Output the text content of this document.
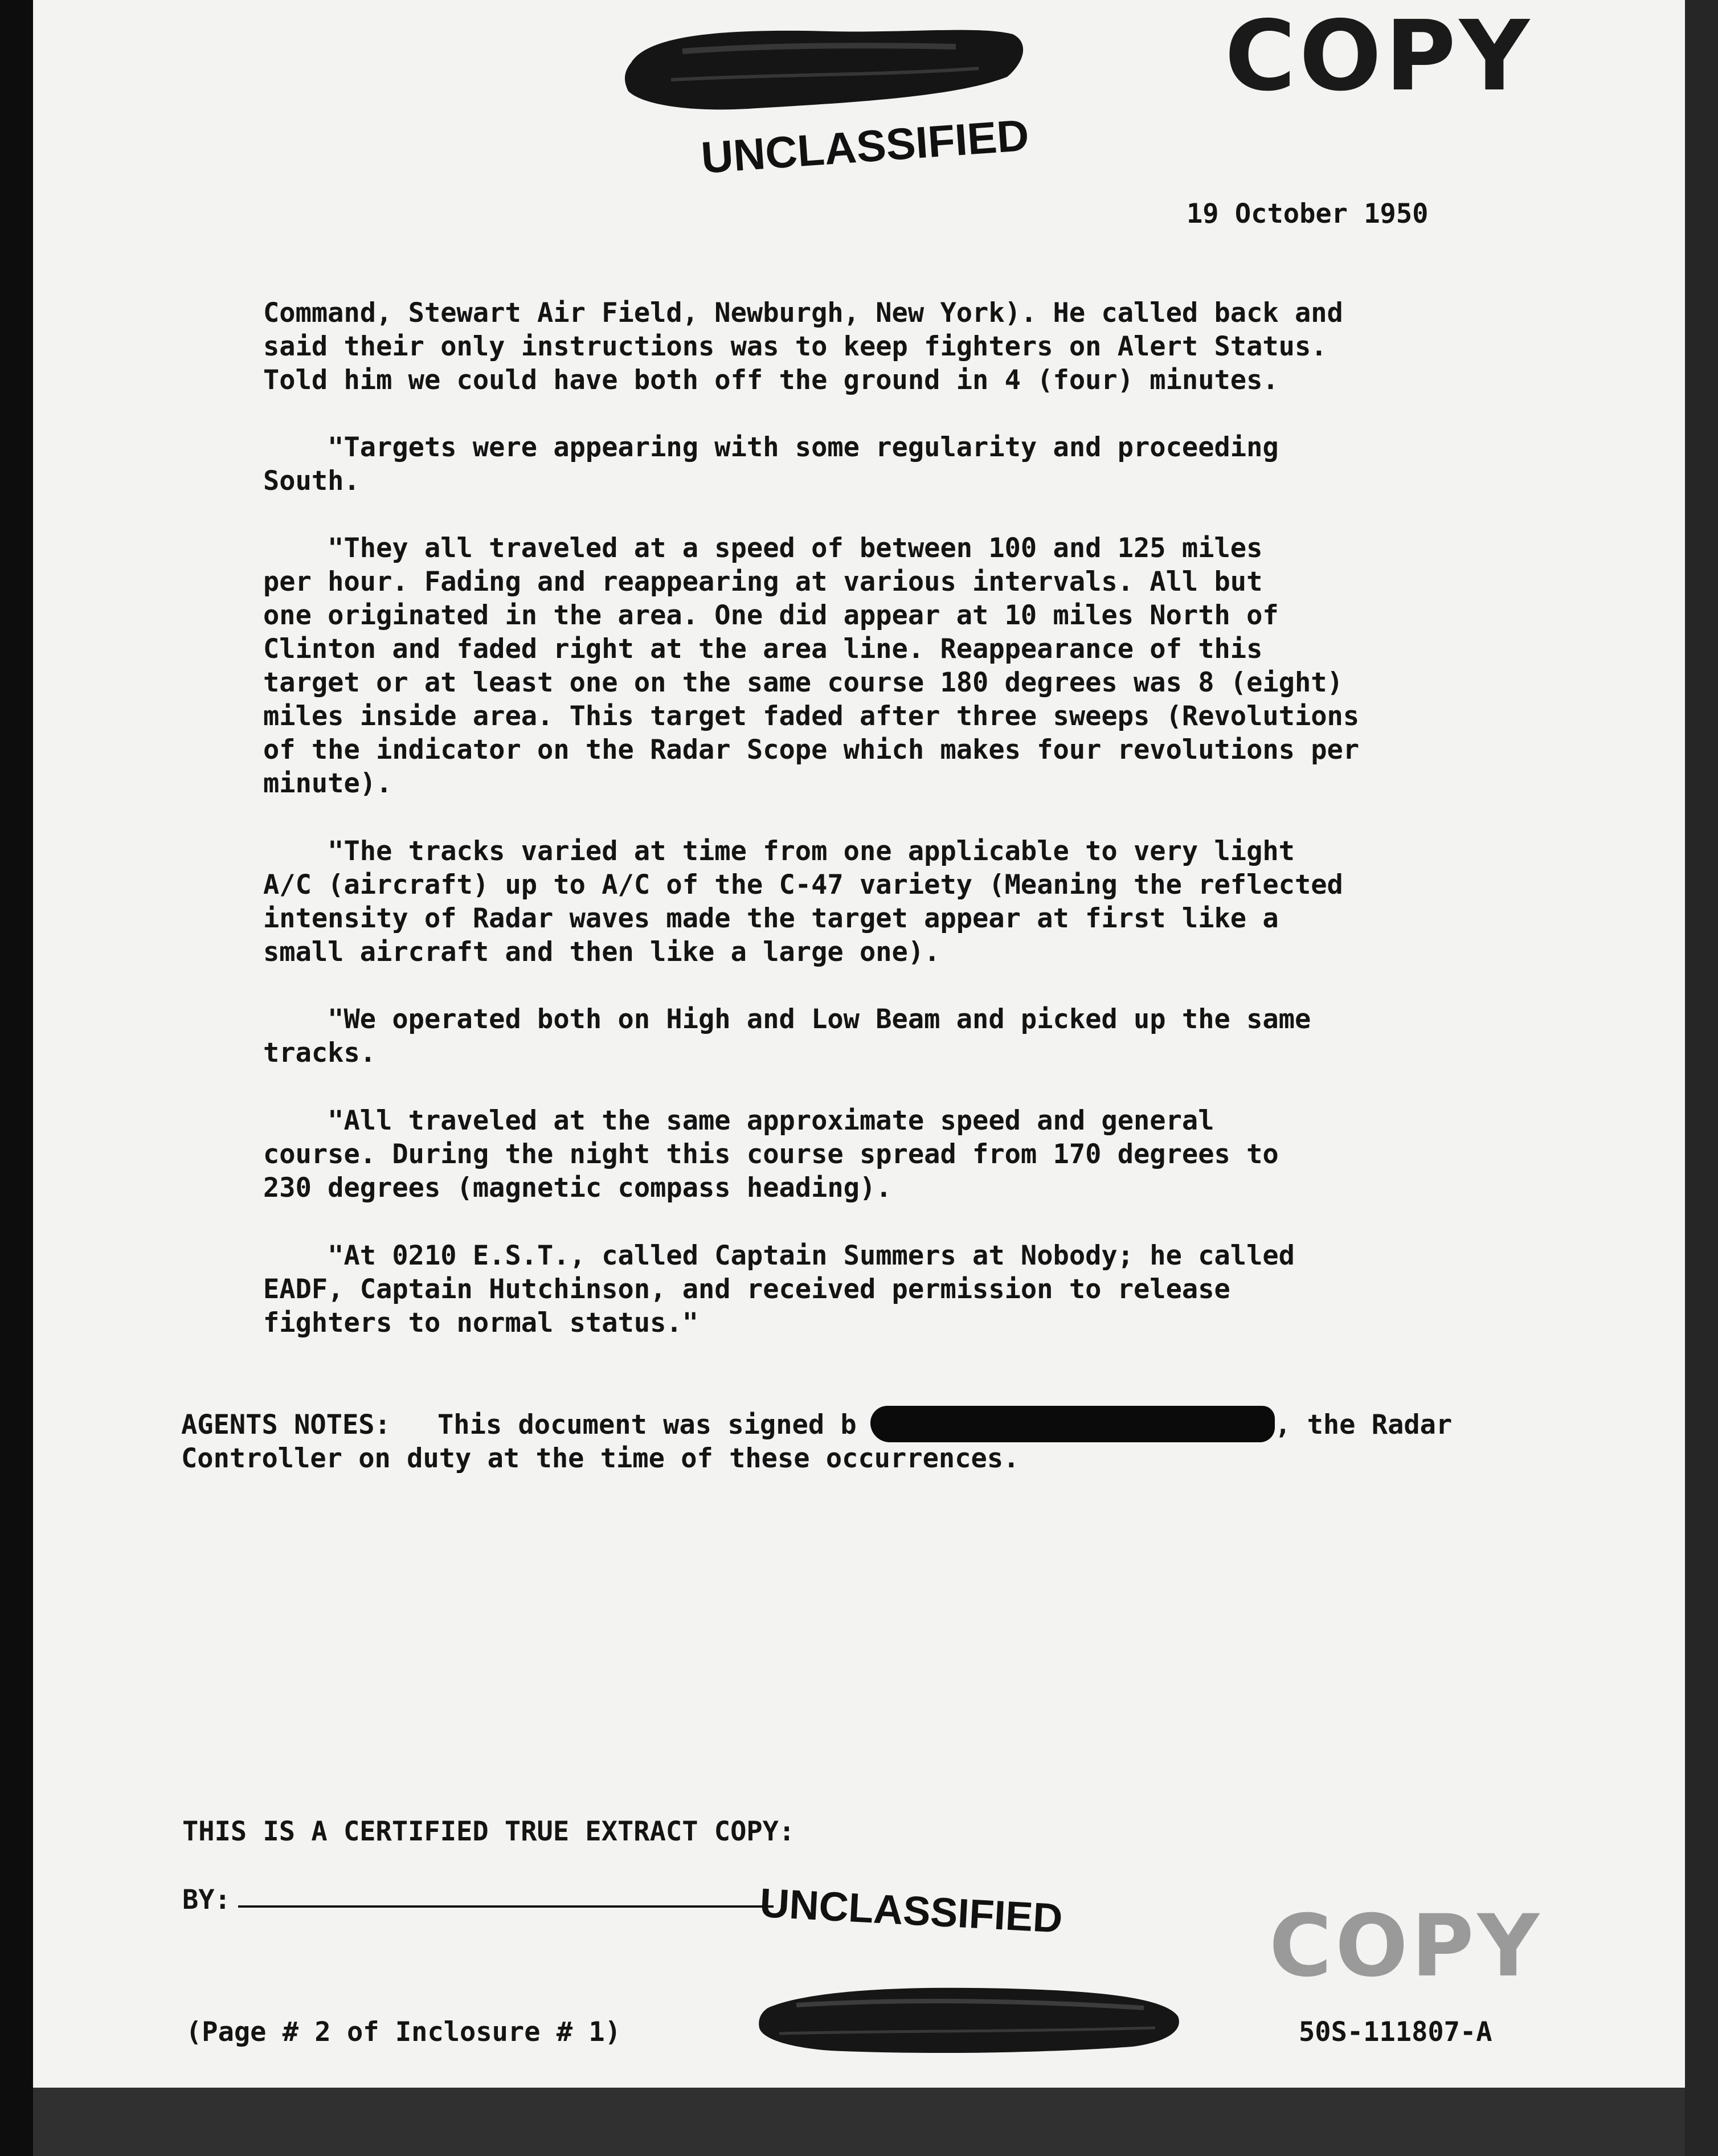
COPY
UNCLASSIFIED
19 October 1950
Command, Stewart Air Field, Newburgh, New York). He called back and
said their only instructions was to keep fighters on Alert Status.
Told him we could have both off the ground in 4 (four) minutes.
"Targets were appearing with some regularity and proceeding
South.
"They all traveled at a speed of between 100 and 125 miles
per hour. Fading and reappearing at various intervals. All but
one originated in the area. One did appear at 10 miles North of
Clinton and faded right at the area line. Reappearance of this
target or at least one on the same course 180 degrees was 8 (eight)
miles inside area. This target faded after three sweeps (Revolutions
of the indicator on the Radar Scope which makes four revolutions per
minute).
"The tracks varied at time from one applicable to very light
A/C (aircraft) up to A/C of the C-47 variety (Meaning the reflected
intensity of Radar waves made the target appear at first like a
small aircraft and then like a large one).
"We operated both on High and Low Beam and picked up the same
tracks.
"All traveled at the same approximate speed and general
course. During the night this course spread from 170 degrees to
230 degrees (magnetic compass heading).
"At 0210 E.S.T., called Captain Summers at Nobody; he called
EADF, Captain Hutchinson, and received permission to release
fighters to normal status."
AGENTS NOTES: This document was signed b	, the Radar
Controller on duty at the time of these occurrences.
THIS IS A CERTIFIED TRUE EXTRACT COPY:
BY:	UNCLASSIFIED COPY
(Page # 2 of Inclosure # 1)	50S-111807-A
